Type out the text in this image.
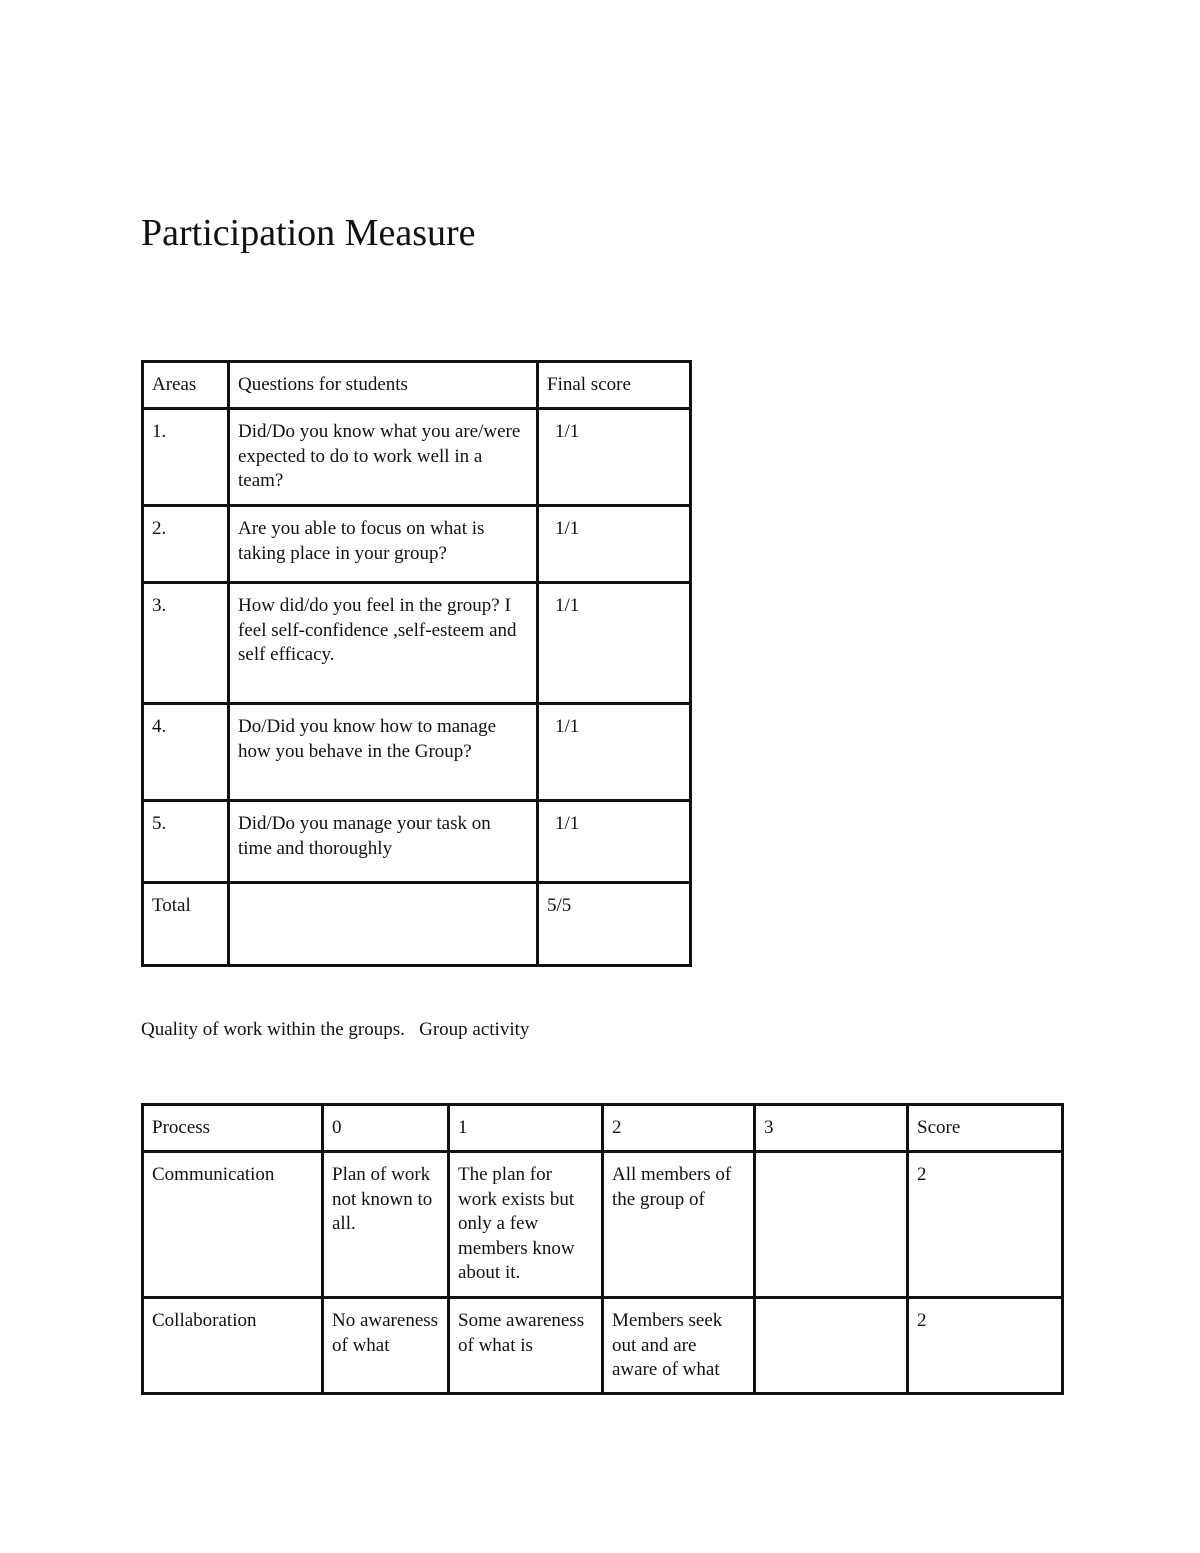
Participation Measure
Areas	Questions for students	Final score
1.	Did/Do you know what you are/were expected to do to work well in a team?	1/1
2.	Are you able to focus on what is taking place in your group?	1/1
3.	How did/do you feel in the group? I feel self-confidence ,self-esteem and self efficacy.	1/1
4.	Do/Did you know how to manage how you behave in the Group?	1/1
5.	Did/Do you manage your task on time and thoroughly	1/1
Total		5/5

Quality of work within the groups.   Group activity

Process	0	1	2	3	Score
Communication	Plan of work not known to all.	The plan for work exists but only a few members know about it.	All members of the group of		2
Collaboration	No awareness of what	Some awareness of what is	Members seek out and are aware of what		2
